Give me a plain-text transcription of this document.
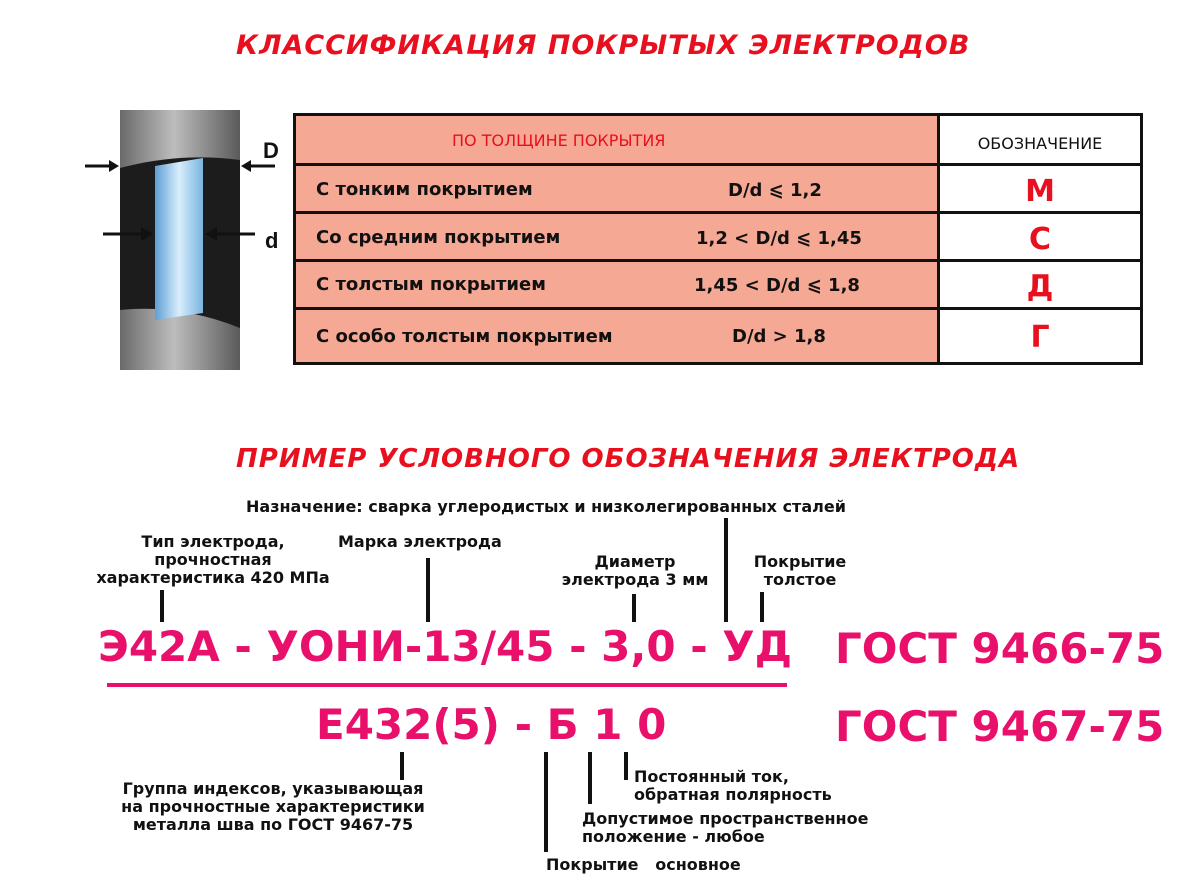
КЛАССИФИКАЦИЯ ПОКРЫТЫХ ЭЛЕКТРОДОВ
ПРИМЕР УСЛОВНОГО ОБОЗНАЧЕНИЯ ЭЛЕКТРОДА
D
d
ПО ТОЛЩИНЕ ПОКРЫТИЯ	ОБОЗНАЧЕНИЕ
С тонким покрытием	D/d ⩽ 1,2	М
Со средним покрытием	1,2 < D/d ⩽ 1,45	С
С толстым покрытием	1,45 < D/d ⩽ 1,8	Д
С особо толстым покрытием	D/d > 1,8	Г
Назначение: сварка углеродистых и низколегированных сталей
Тип электрода,
прочностная
характеристика 420 МПа
Марка электрода
Диаметр
электрода 3 мм
Покрытие
толстое
Э42А - УОНИ-13/45 - 3,0 - УД ГОСТ 9466-75
Е432(5) - Б 1 0	ГОСТ 9467-75
Группа индексов, указывающая
на прочностные характеристики
металла шва по ГОСТ 9467-75
Постоянный ток,
обратная полярность
Допустимое пространственное
положение - любое
Покрытие   основное
